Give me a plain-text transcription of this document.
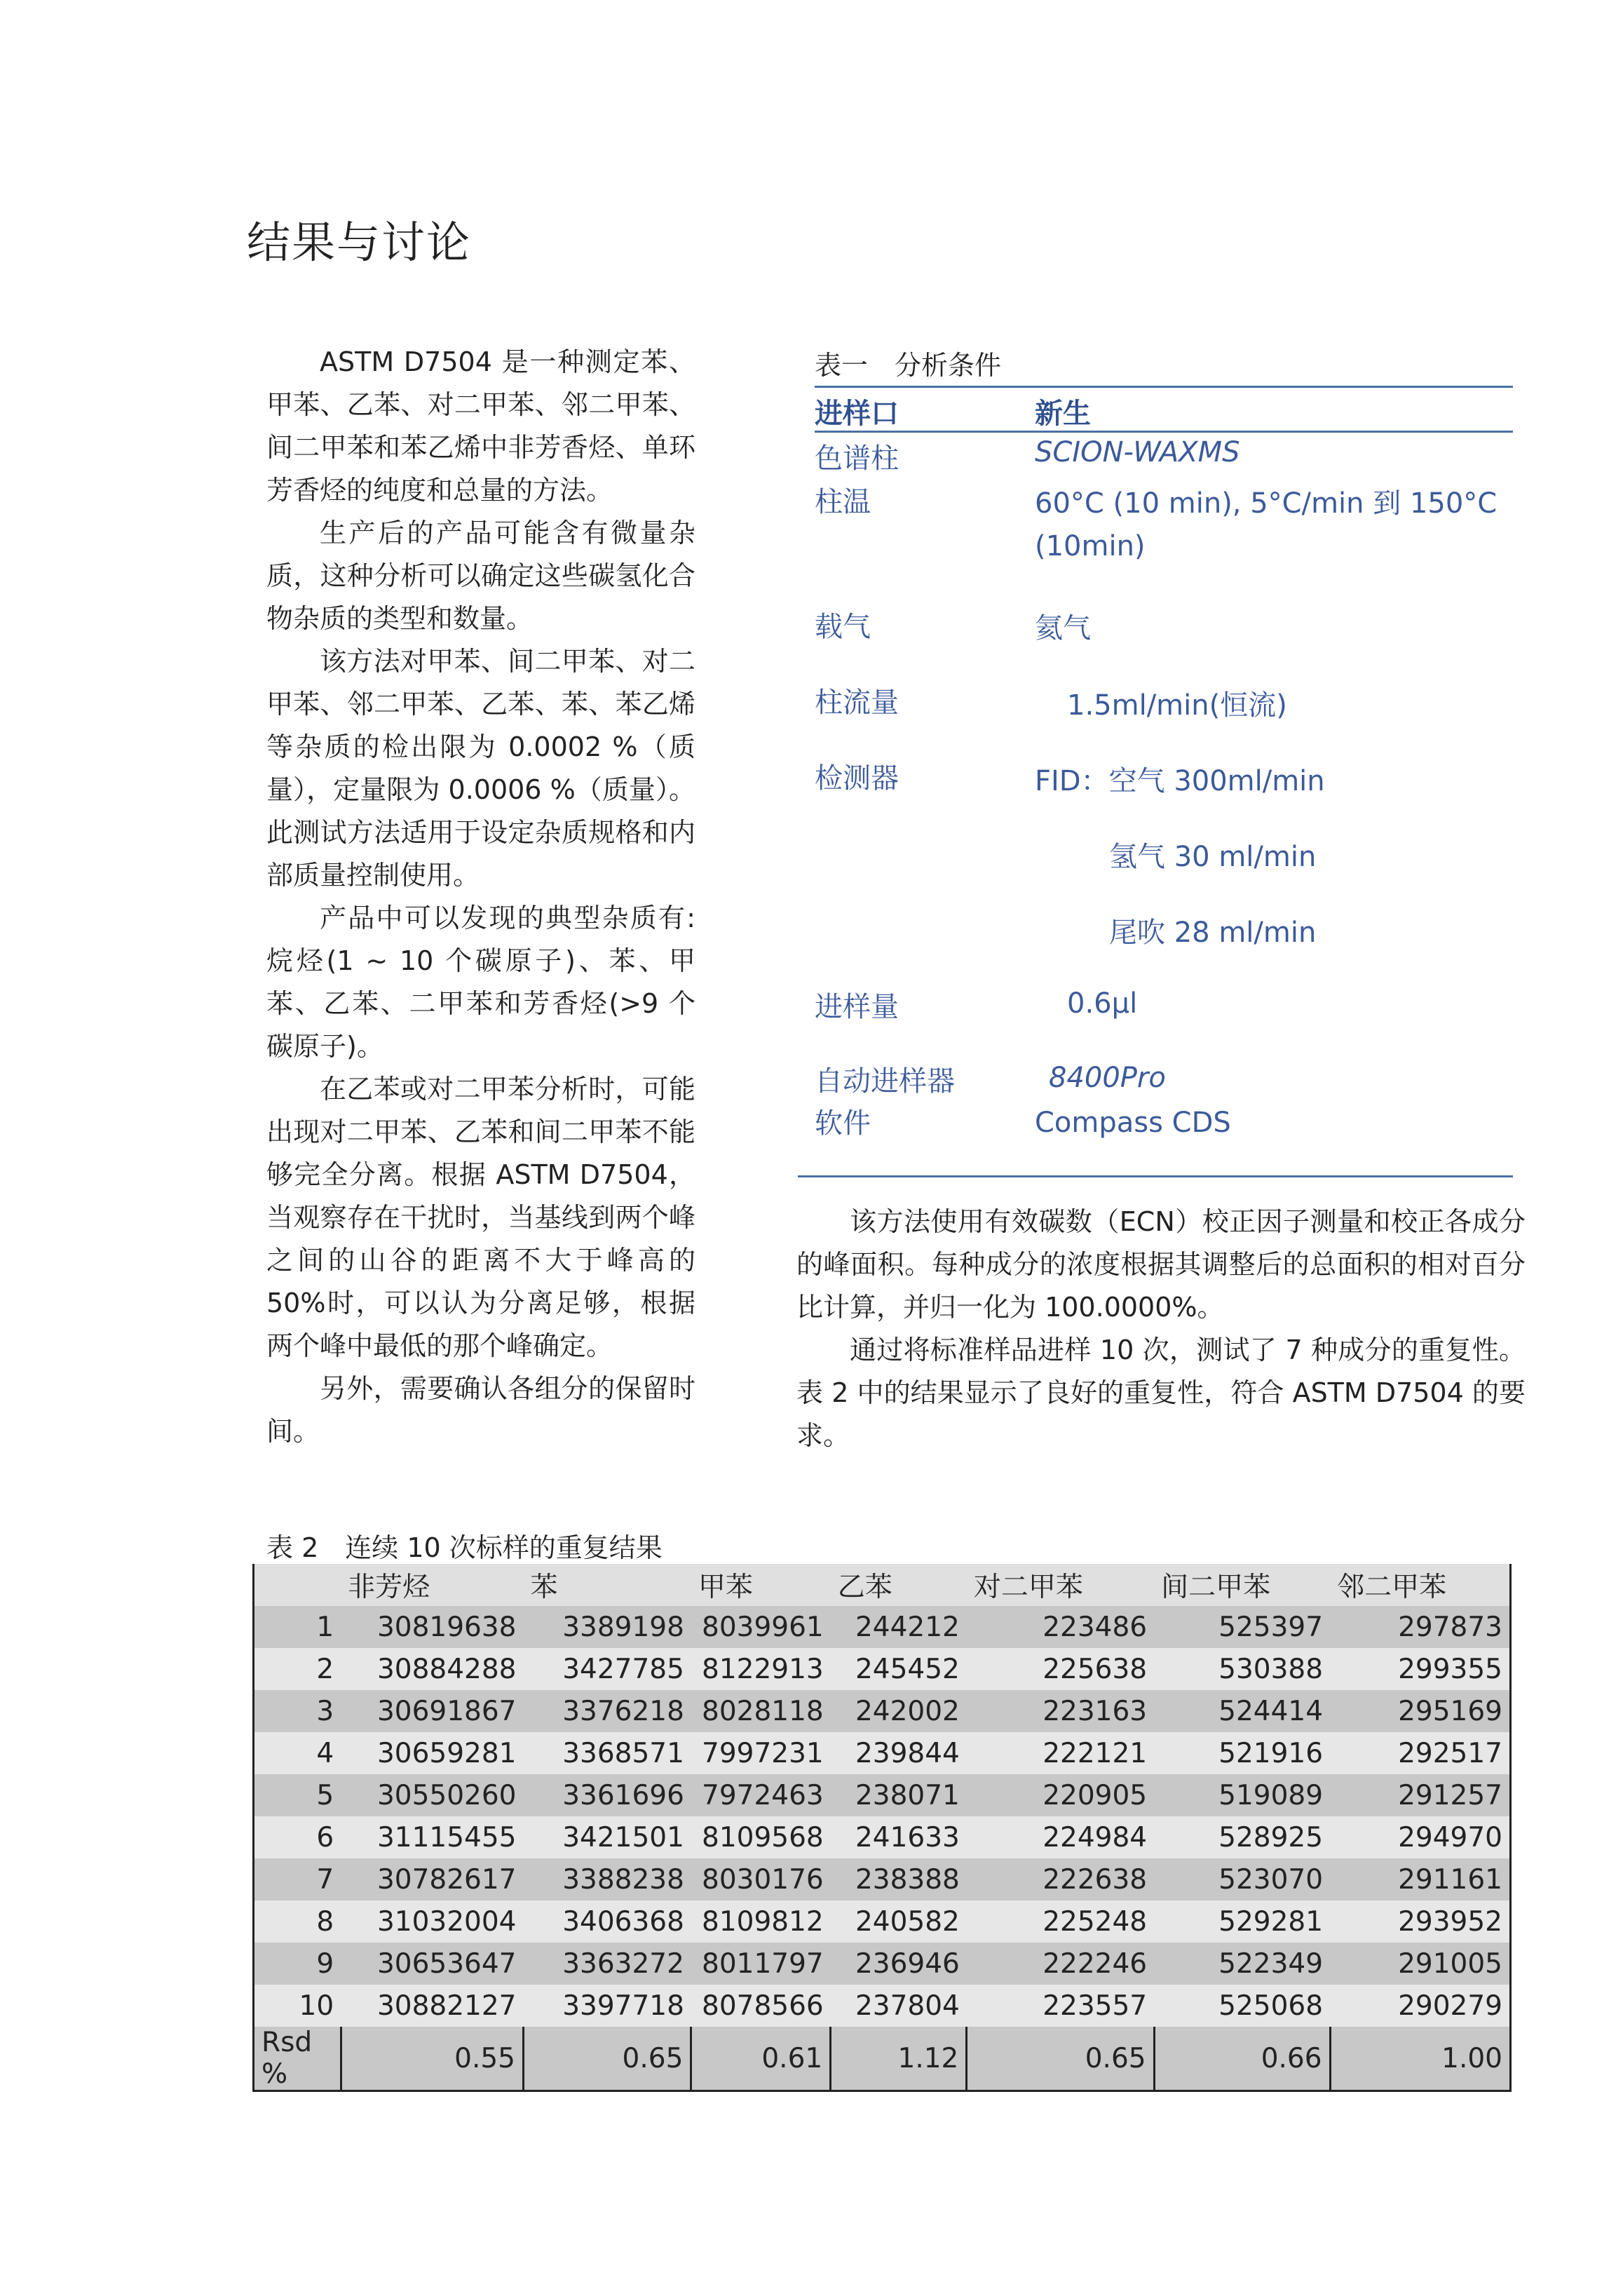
结果与讨论

ASTM D7504 是一种测定苯、甲苯、乙苯、对二甲苯、邻二甲苯、间二甲苯和苯乙烯中非芳香烃、单环芳香烃的纯度和总量的方法。

生产后的产品可能含有微量杂质，这种分析可以确定这些碳氢化合物杂质的类型和数量。

该方法对甲苯、间二甲苯、对二甲苯、邻二甲苯、乙苯、苯、苯乙烯等杂质的检出限为 0.0002 %（质量），定量限为 0.0006 %（质量）。此测试方法适用于设定杂质规格和内部质量控制使用。

产品中可以发现的典型杂质有:烷烃(1 ~ 10 个碳原子)、苯、甲苯、乙苯、二甲苯和芳香烃(>9 个碳原子)。

在乙苯或对二甲苯分析时，可能出现对二甲苯、乙苯和间二甲苯不能够完全分离。根据 ASTM D7504，当观察存在干扰时，当基线到两个峰之间的山谷的距离不大于峰高的 50%时，可以认为分离足够，根据两个峰中最低的那个峰确定。

另外，需要确认各组分的保留时间。

表一　分析条件
进样口	新生
色谱柱	SCION-WAXMS
柱温	60°C (10 min), 5°C/min 到 150°C
(10min)
载气	氦气
柱流量	1.5ml/min(恒流)
检测器	FID：空气 300ml/min
氢气 30 ml/min
尾吹 28 ml/min
进样量	0.6µl
自动进样器	8400Pro
软件	Compass CDS

该方法使用有效碳数（ECN）校正因子测量和校正各成分的峰面积。每种成分的浓度根据其调整后的总面积的相对百分比计算，并归一化为 100.0000%。

通过将标准样品进样 10 次，测试了 7 种成分的重复性。表 2 中的结果显示了良好的重复性，符合 ASTM D7504 的要求。

表 2　连续 10 次标样的重复结果
	非芳烃	苯	甲苯	乙苯	对二甲苯	间二甲苯	邻二甲苯
1	30819638	3389198	8039961	244212	223486	525397	297873
2	30884288	3427785	8122913	245452	225638	530388	299355
3	30691867	3376218	8028118	242002	223163	524414	295169
4	30659281	3368571	7997231	239844	222121	521916	292517
5	30550260	3361696	7972463	238071	220905	519089	291257
6	31115455	3421501	8109568	241633	224984	528925	294970
7	30782617	3388238	8030176	238388	222638	523070	291161
8	31032004	3406368	8109812	240582	225248	529281	293952
9	30653647	3363272	8011797	236946	222246	522349	291005
10	30882127	3397718	8078566	237804	223557	525068	290279
Rsd %	0.55	0.65	0.61	1.12	0.65	0.66	1.00
